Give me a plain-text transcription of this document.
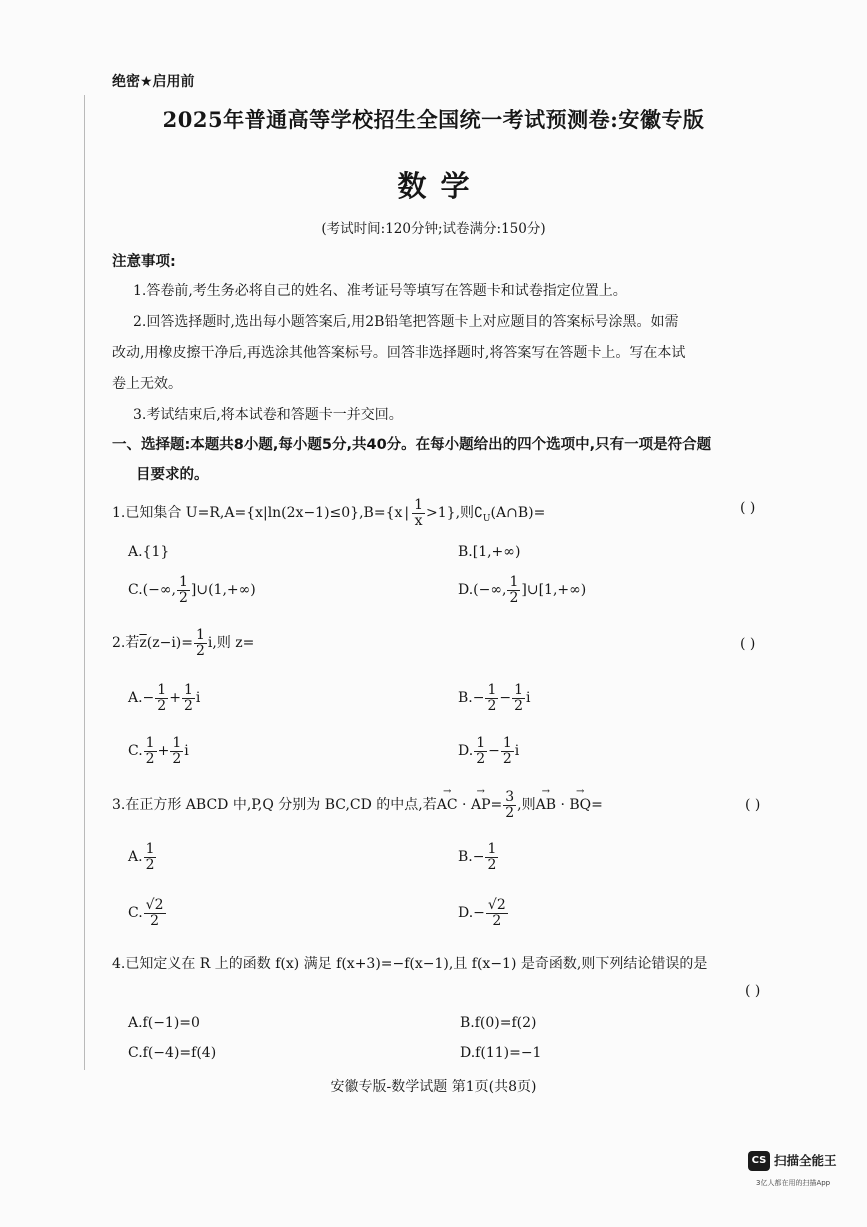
绝密★启用前
2025年普通高等学校招生全国统一考试预测卷:安徽专版
数学
(考试时间:120分钟;试卷满分:150分)
注意事项:
1.答卷前,考生务必将自己的姓名、准考证号等填写在答题卡和试卷指定位置上。
2.回答选择题时,选出每小题答案后,用2B铅笔把答题卡上对应题目的答案标号涂黑。如需
改动,用橡皮擦干净后,再选涂其他答案标号。回答非选择题时,将答案写在答题卡上。写在本试
卷上无效。
3.考试结束后,将本试卷和答题卡一并交回。
一、选择题:本题共8小题,每小题5分,共40分。在每小题给出的四个选项中,只有一项是符合题
目要求的。
1.已知集合 U=R,A={x|ln(2x−1)≤0},B={x | $\frac{1}{x} >1$},则$∁_U(A\cap B)=$	( )
A.{1}	B.[1,+∞)
C.(−∞, $\frac{1}{2}$ ]∪(1,+∞)	D.(−∞, $\frac{1}{2}$ ]∪[1,+∞)
2.若$\overline{z}(z-i)= \frac{1}{2} i$,则 z=	( )
$A.- \frac{1}{2} + \frac{1}{2}$ i	$B.- \frac{1}{2} - \frac{1}{2}$ i
C. $\frac{1}{2} + \frac{1}{2}$ i	D. $\frac{1}{2} - \frac{1}{2}$ i
3.在正方形 ABCD 中,P,Q 分别为 BC,CD 的中点,若→ AC · → $AP= \frac{3}{2}$ ,则→ AB · → BQ=	( )
A. $\frac{1}{2}$	$B.- \frac{1}{2}$
C. $\frac{√2}{2}$	$D.- \frac{√2}{2}$
4.已知定义在 R 上的函数 f(x) 满足 f(x+3)=−f(x−1),且 f(x−1) 是奇函数,则下列结论错误的是
( )
A.f(−1)=0	B.f(0)=f(2)
C.f(−4)=f(4)	D.f(11)=−1
安徽专版-数学试题 第1页(共8页)
CS 扫描全能王
3亿人都在用的扫描App
